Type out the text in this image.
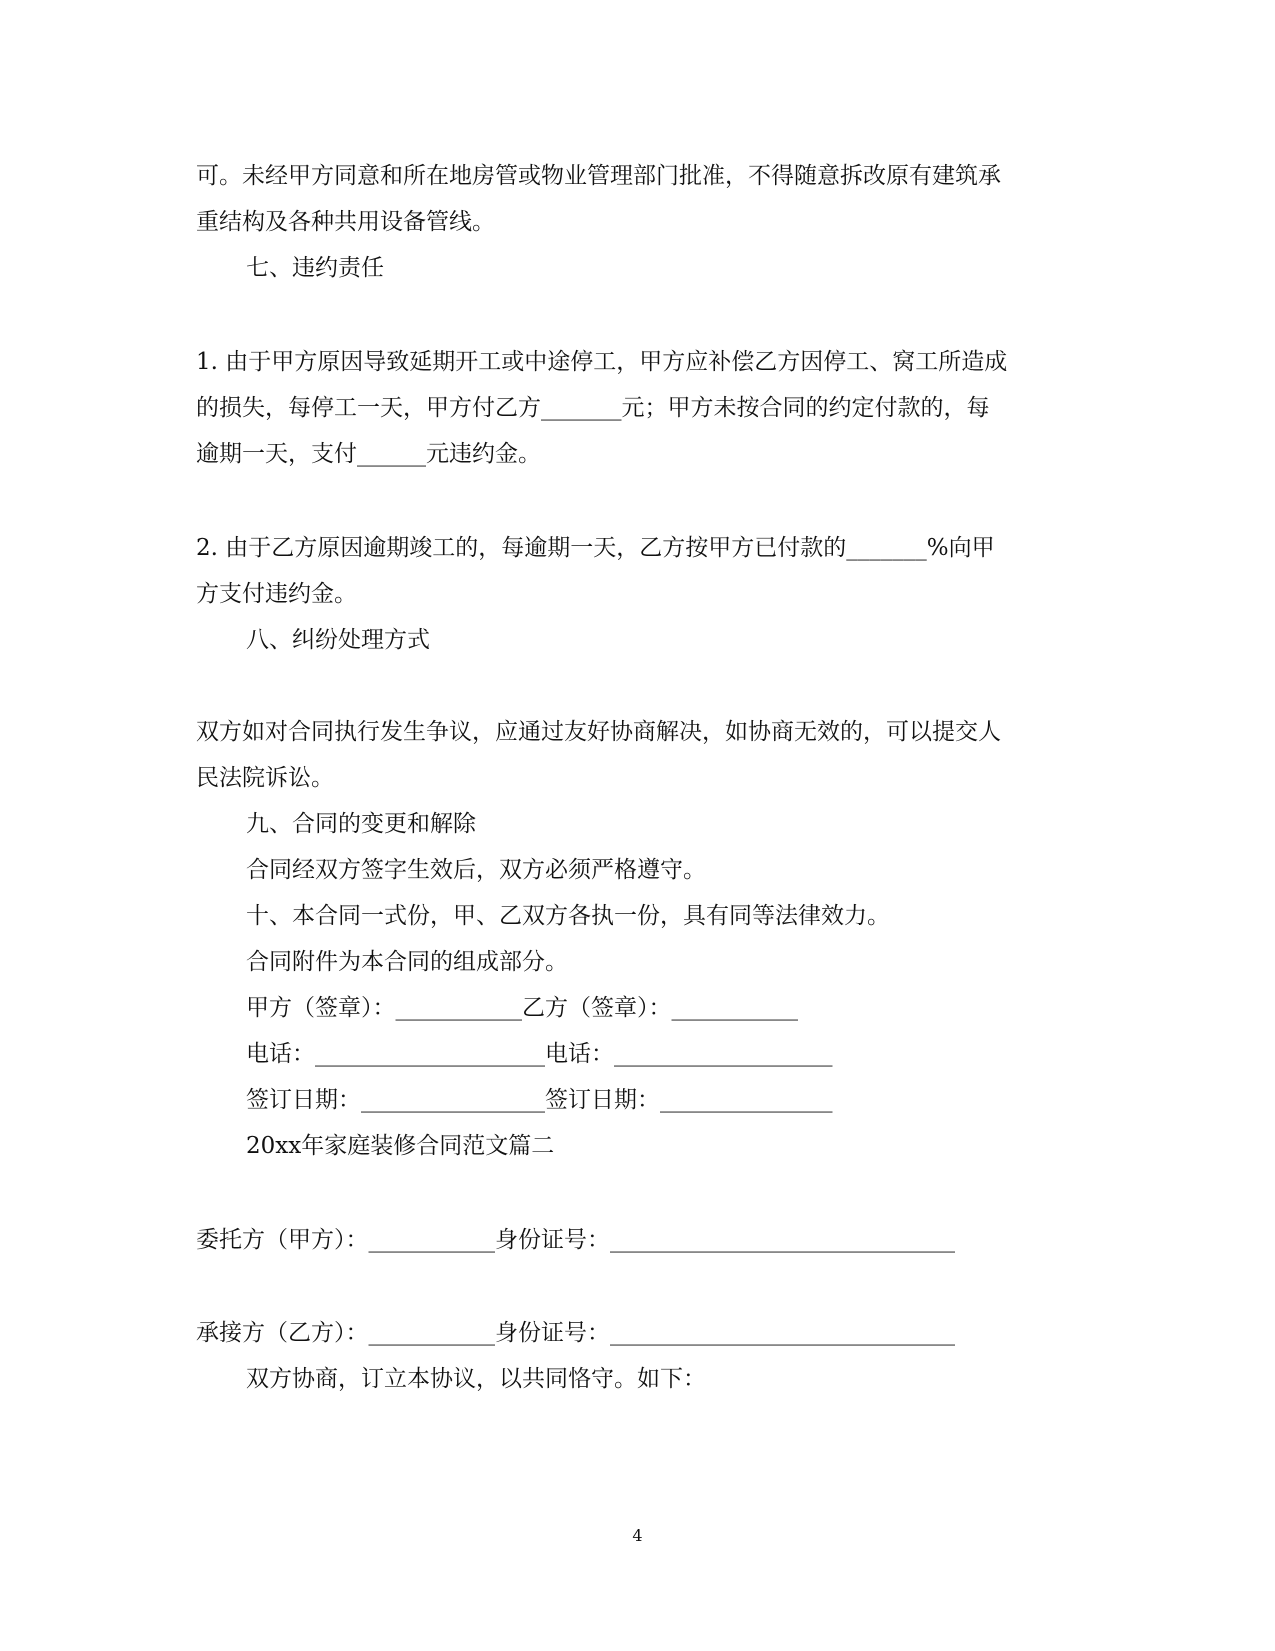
可。未经甲方同意和所在地房管或物业管理部门批准，不得随意拆改原有建筑承
重结构及各种共用设备管线。
七、违约责任
1. 由于甲方原因导致延期开工或中途停工，甲方应补偿乙方因停工、窝工所造成
的损失，每停工一天，甲方付乙方_______元；甲方未按合同的约定付款的，每
逾期一天，支付______元违约金。
2. 由于乙方原因逾期竣工的，每逾期一天，乙方按甲方已付款的_______%向甲
方支付违约金。
八、纠纷处理方式
双方如对合同执行发生争议，应通过友好协商解决，如协商无效的，可以提交人
民法院诉讼。
九、合同的变更和解除
合同经双方签字生效后，双方必须严格遵守。
十、本合同一式份，甲、乙双方各执一份，具有同等法律效力。
合同附件为本合同的组成部分。
甲方（签章）：___________乙方（签章）：___________
电话：____________________电话：___________________
签订日期：________________签订日期：_______________
20xx年家庭装修合同范文篇二
委托方（甲方）：___________身份证号：______________________________
承接方（乙方）：___________身份证号：______________________________
双方协商，订立本协议，以共同恪守。如下：
4
